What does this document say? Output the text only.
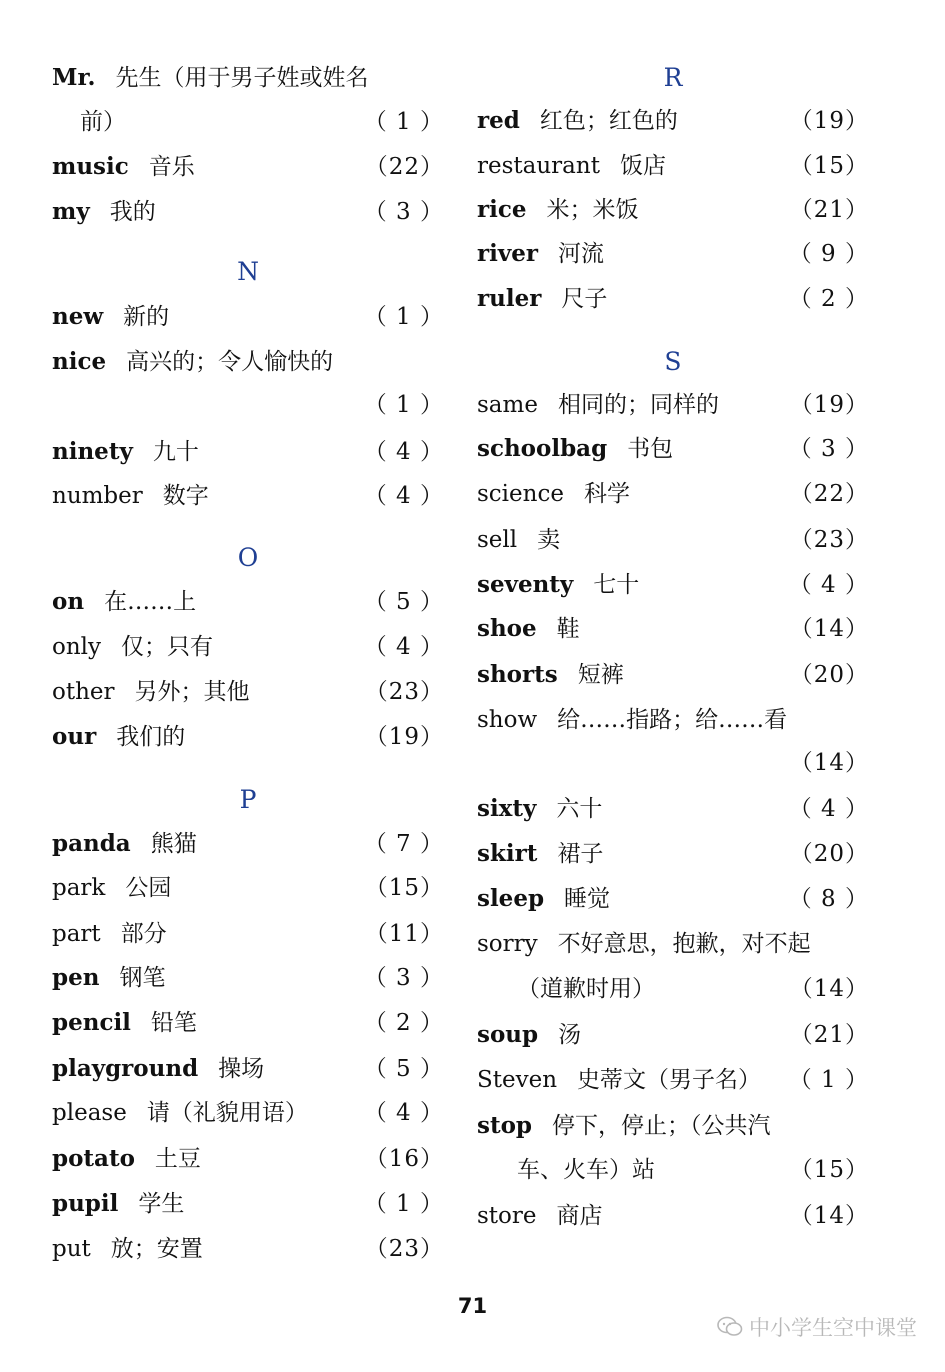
Mr. 先生（用于男子姓或姓名
前）	（ 1 ）
music 音乐	（22）
my 我的	（ 3 ）
N
new 新的	（ 1 ）
nice 高兴的；令人愉快的
（ 1 ）
ninety 九十	（ 4 ）
number 数字	（ 4 ）
O
on 在……上	（ 5 ）
only 仅；只有	（ 4 ）
other 另外；其他	（23）
our 我们的	（19）
P
panda 熊猫	（ 7 ）
park 公园	（15）
part 部分	（11）
pen 钢笔	（ 3 ）
pencil 铅笔	（ 2 ）
playground 操场	（ 5 ）
please 请（礼貌用语） （ 4 ）
potato 土豆	（16）
pupil 学生	（ 1 ）
put 放；安置	（23）
R
red 红色；红色的	（19）
restaurant 饭店	（15）
rice 米；米饭	（21）
river 河流	（ 9 ）
ruler 尺子	（ 2 ）
S
same 相同的；同样的	（19）
schoolbag 书包	（ 3 ）
science 科学	（22）
sell 卖	（23）
seventy 七十	（ 4 ）
shoe 鞋	（14）
shorts 短裤	（20）
show 给……指路；给……看
（14）
sixty 六十	（ 4 ）
skirt 裙子	（20）
sleep 睡觉	（ 8 ）
sorry 不好意思，抱歉，对不起
（道歉时用）	（14）
soup 汤	（21）
Steven 史蒂文（男子名） （ 1 ）
stop 停下，停止；（公共汽
车、火车）站	（15）
store 商店	（14）
71
中小学生空中课堂
